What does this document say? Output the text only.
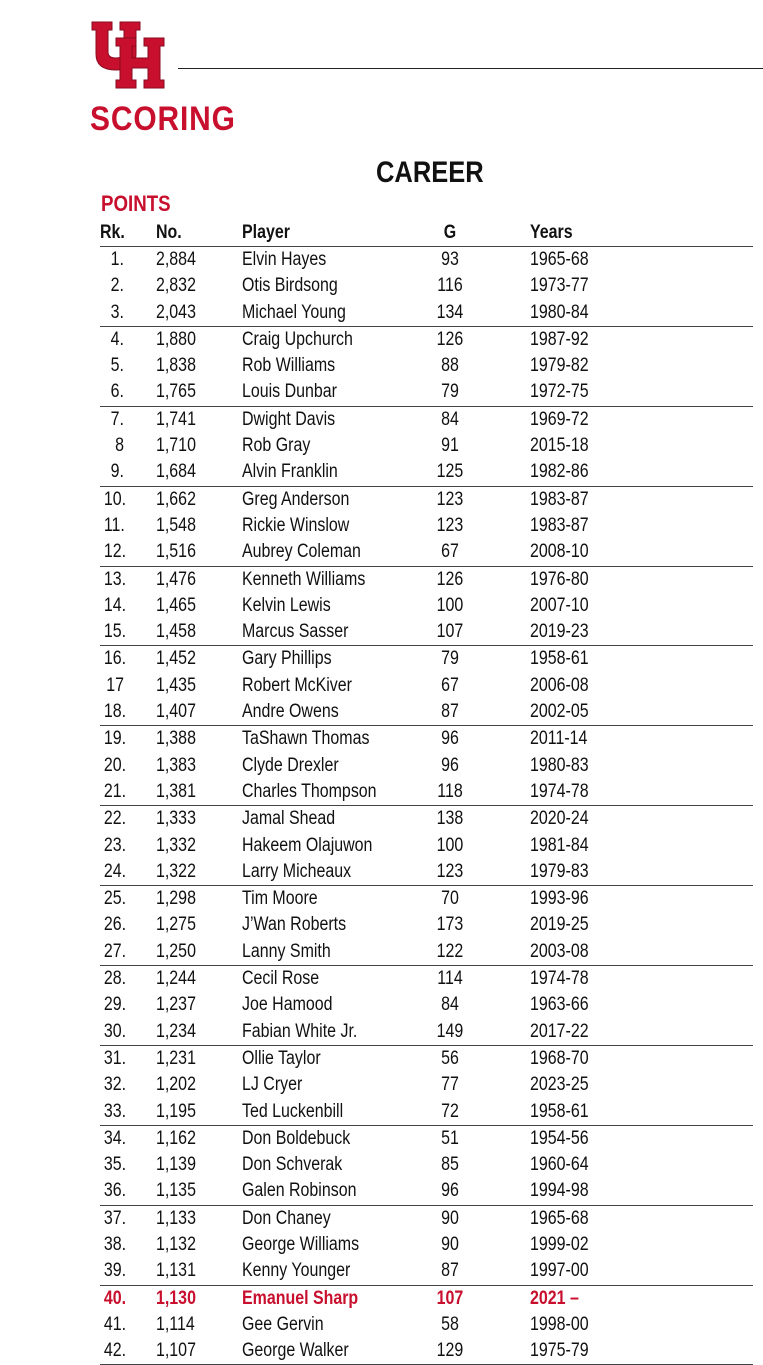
SCORING
CAREER
POINTS
Rk. No.	Player	G	Years
1. 2,884 Elvin Hayes	93	1965-68
2. 2,832 Otis Birdsong	116	1973-77
3. 2,043 Michael Young	134	1980-84
4. 1,880 Craig Upchurch	126	1987-92
5. 1,838 Rob Williams	88	1979-82
6. 1,765 Louis Dunbar	79	1972-75
7. 1,741 Dwight Davis	84	1969-72
8 1,710 Rob Gray	91	2015-18
9. 1,684 Alvin Franklin	125	1982-86
10. 1,662 Greg Anderson	123	1983-87
11. 1,548 Rickie Winslow	123	1983-87
12. 1,516 Aubrey Coleman	67	2008-10
13. 1,476 Kenneth Williams	126	1976-80
14. 1,465 Kelvin Lewis	100	2007-10
15. 1,458 Marcus Sasser	107	2019-23
16. 1,452 Gary Phillips	79	1958-61
17 1,435 Robert McKiver	67	2006-08
18. 1,407 Andre Owens	87	2002-05
19. 1,388 TaShawn Thomas	96	2011-14
20. 1,383 Clyde Drexler	96	1980-83
21. 1,381 Charles Thompson	118	1974-78
22. 1,333 Jamal Shead	138	2020-24
23. 1,332 Hakeem Olajuwon	100	1981-84
24. 1,322 Larry Micheaux	123	1979-83
25. 1,298 Tim Moore	70	1993-96
26. 1,275 J’Wan Roberts	173	2019-25
27. 1,250 Lanny Smith	122	2003-08
28. 1,244 Cecil Rose	114	1974-78
29. 1,237 Joe Hamood	84	1963-66
30. 1,234 Fabian White Jr.	149	2017-22
31. 1,231 Ollie Taylor	56	1968-70
32. 1,202 LJ Cryer	77	2023-25
33. 1,195 Ted Luckenbill	72	1958-61
34. 1,162 Don Boldebuck	51	1954-56
35. 1,139 Don Schverak	85	1960-64
36. 1,135 Galen Robinson	96	1994-98
37. 1,133 Don Chaney	90	1965-68
38. 1,132 George Williams	90	1999-02
39. 1,131 Kenny Younger	87	1997-00
40. 1,130 Emanuel Sharp	107	2021 –
41. 1,114 Gee Gervin	58	1998-00
42. 1,107 George Walker	129	1975-79
